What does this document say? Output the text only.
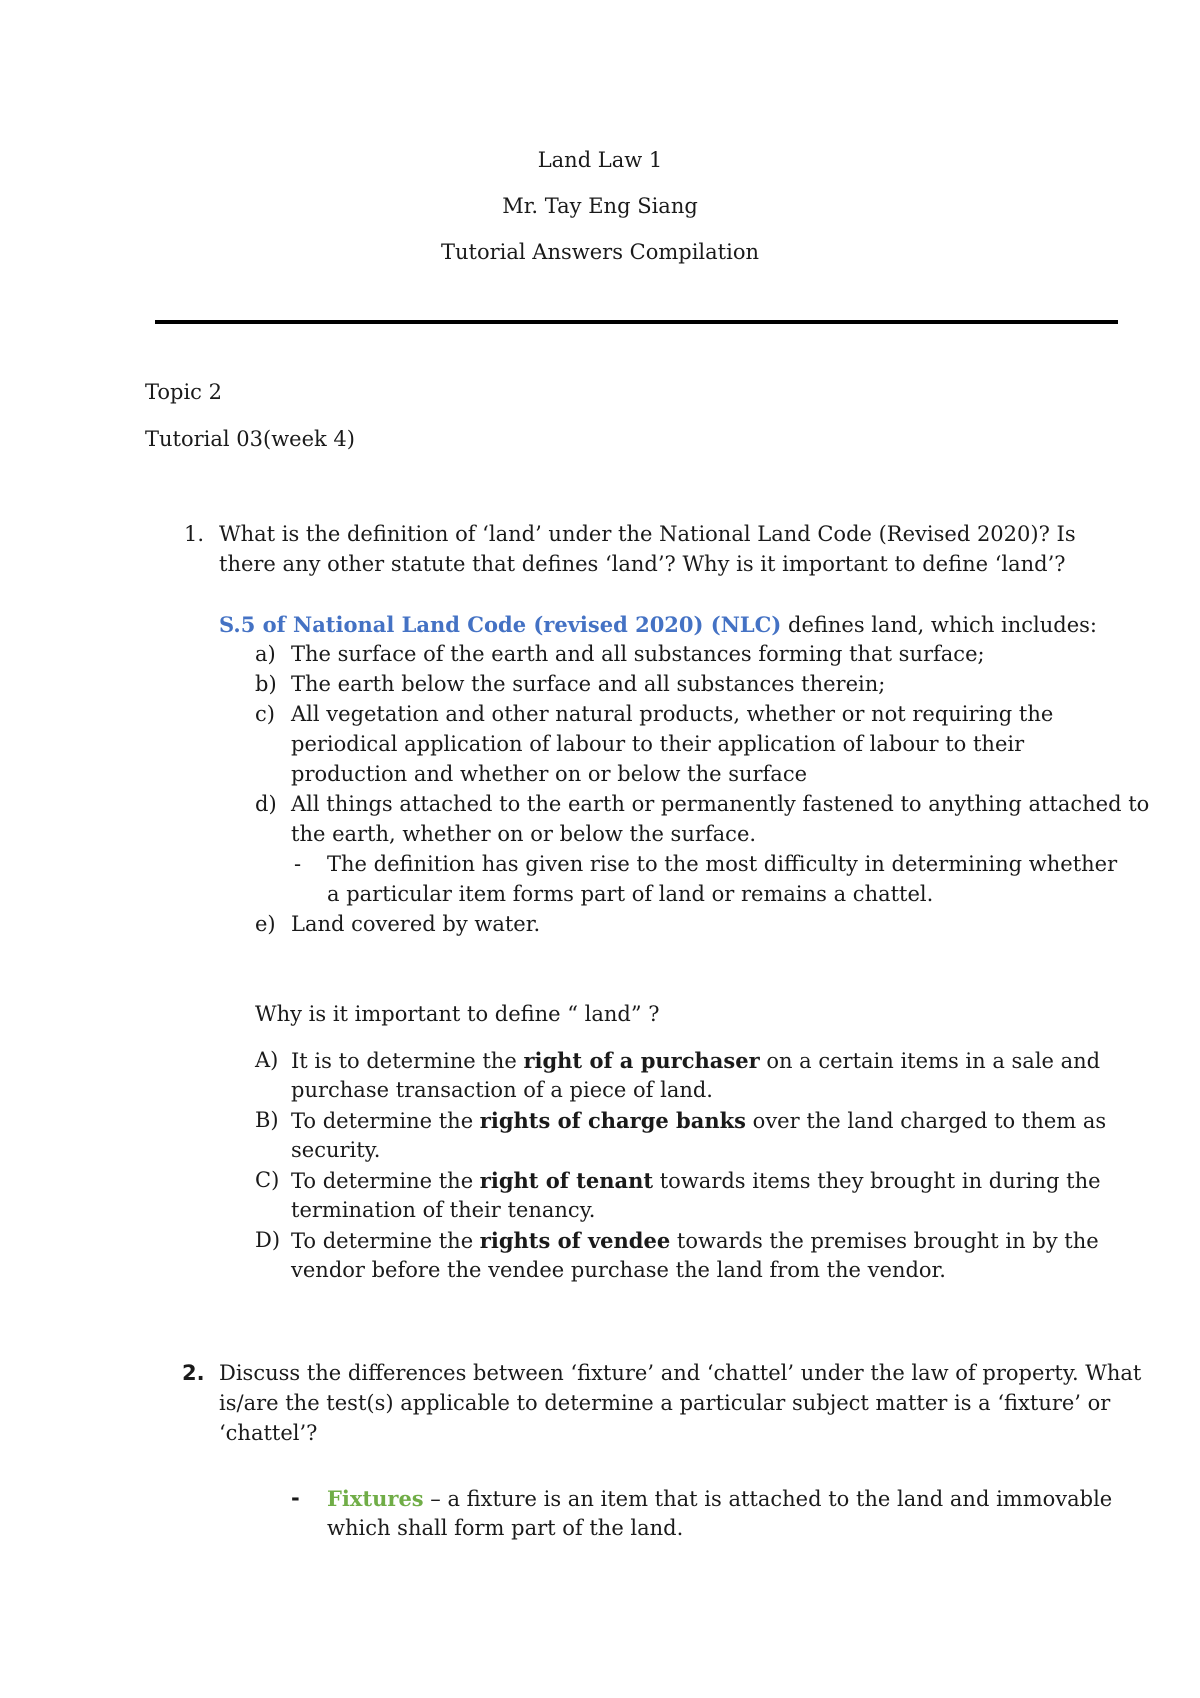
Land Law 1
Mr. Tay Eng Siang
Tutorial Answers Compilation
Topic 2
Tutorial 03(week 4)
1. What is the definition of ‘land’ under the National Land Code (Revised 2020)? Is
there any other statute that defines ‘land’? Why is it important to define ‘land’?
S.5 of National Land Code (revised 2020) (NLC) defines land, which includes:
a) The surface of the earth and all substances forming that surface;
b) The earth below the surface and all substances therein;
c) All vegetation and other natural products, whether or not requiring the
periodical application of labour to their application of labour to their
production and whether on or below the surface
d) All things attached to the earth or permanently fastened to anything attached to
the earth, whether on or below the surface.
- The definition has given rise to the most difficulty in determining whether
a particular item forms part of land or remains a chattel.
e) Land covered by water.
Why is it important to define “ land” ?
A) It is to determine the right of a purchaser on a certain items in a sale and
purchase transaction of a piece of land.
B) To determine the rights of charge banks over the land charged to them as
security.
C) To determine the right of tenant towards items they brought in during the
termination of their tenancy.
D) To determine the rights of vendee towards the premises brought in by the
vendor before the vendee purchase the land from the vendor.
2. Discuss the differences between ‘fixture’ and ‘chattel’ under the law of property. What
is/are the test(s) applicable to determine a particular subject matter is a ‘fixture’ or
‘chattel’?
- Fixtures – a fixture is an item that is attached to the land and immovable
which shall form part of the land.
